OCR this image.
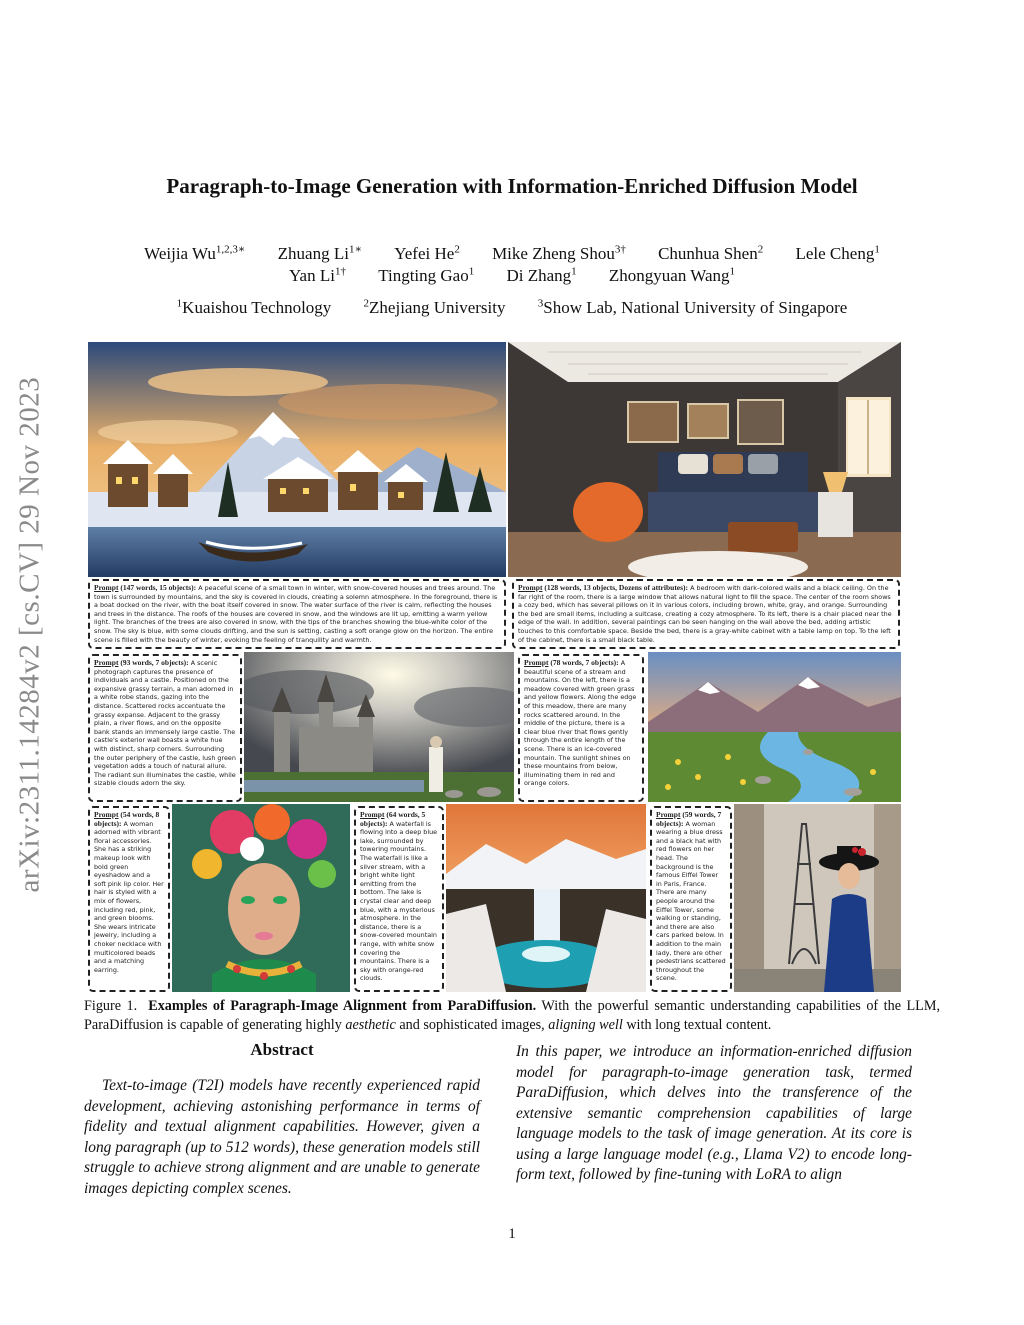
arXiv:2311.14284v2 [cs.CV] 29 Nov 2023
Paragraph-to-Image Generation with Information-Enriched Diffusion Model
Weijia $Wu^{1,2,3∗}$ Zhuang $Li^{1∗}$ Yefei He$^2$ Mike Zheng Shou$^{3\dagger}$ Chunhua Shen$^2$ Lele Cheng$^1$
Yan $Li^{1\dagger}$ Tingting Gao$^1$ Di Zhang$^1$ Zhongyuan Wang$^1$
$^1$Kuaishou Technology	$^2$Zhejiang University	$^3$Show Lab, National University of Singapore
Prompt (147 words, 15 objects): A peaceful scene of a small town in winter, with snow-covered houses and trees around. The town is surrounded by mountains, and the sky is covered in clouds, creating a solemn atmosphere. In the foreground, there is a boat docked on the river, with the boat itself covered in snow. The water surface of the river is calm, reflecting the houses and trees in the distance. The roofs of the houses are covered in snow, and the windows are lit up, emitting a warm yellow light. The branches of the trees are also covered in snow, with the tips of the branches showing the blue-white color of the snow. The sky is blue, with some clouds drifting, and the sun is setting, casting a soft orange glow on the horizon. The entire scene is filled with the beauty of winter, evoking the feeling of tranquility and warmth.
Prompt (128 words, 13 objects, Dozens of attributes): A bedroom with dark-colored walls and a black ceiling. On the far right of the room, there is a large window that allows natural light to fill the space. The center of the room shows a cozy bed, which has several pillows on it in various colors, including brown, white, gray, and orange. Surrounding the bed are small items, including a suitcase, creating a cozy atmosphere. To its left, there is a chair placed near the edge of the wall. In addition, several paintings can be seen hanging on the wall above the bed, adding artistic touches to this comfortable space. Beside the bed, there is a gray-white cabinet with a table lamp on top. To the left of the cabinet, there is a small black table.
Prompt (93 words, 7 objects): A scenic photograph captures the presence of individuals and a castle. Positioned on the expansive grassy terrain, a man adorned in a white robe stands, gazing into the distance. Scattered rocks accentuate the grassy expanse. Adjacent to the grassy plain, a river flows, and on the opposite bank stands an immensely large castle. The castle's exterior wall boasts a white hue with distinct, sharp corners. Surrounding the outer periphery of the castle, lush green vegetation adds a touch of natural allure. The radiant sun illuminates the castle, while sizable clouds adorn the sky.
Prompt (78 words, 7 objects): A beautiful scene of a stream and mountains. On the left, there is a meadow covered with green grass and yellow flowers. Along the edge of this meadow, there are many rocks scattered around. In the middle of the picture, there is a clear blue river that flows gently through the entire length of the scene. There is an ice-covered mountain. The sunlight shines on these mountains from below, illuminating them in red and orange colors.
Prompt (54 words, 8 objects): A woman adorned with vibrant floral accessories. She has a striking makeup look with bold green eyeshadow and a soft pink lip color. Her hair is styled with a mix of flowers, including red, pink, and green blooms. She wears intricate jewelry, including a choker necklace with multicolored beads and a matching earring.
Prompt (64 words, 5 objects): A waterfall is flowing into a deep blue lake, surrounded by towering mountains. The waterfall is like a silver stream, with a bright white light emitting from the bottom. The lake is crystal clear and deep blue, with a mysterious atmosphere. In the distance, there is a snow-covered mountain range, with white snow covering the mountains. There is a sky with orange-red clouds.
Prompt (59 words, 7 objects): A woman wearing a blue dress and a black hat with red flowers on her head. The background is the famous Eiffel Tower in Paris, France. There are many people around the Eiffel Tower, some walking or standing, and there are also cars parked below. In addition to the main lady, there are other pedestrians scattered throughout the scene.
Figure 1. Examples of Paragraph-Image Alignment from ParaDiffusion. With the powerful semantic understanding capabilities of the LLM, ParaDiffusion is capable of generating highly aesthetic and sophisticated images, aligning well with long textual content.
Abstract
Text-to-image (T2I) models have recently experienced rapid development, achieving astonishing performance in terms of fidelity and textual alignment capabilities. However, given a long paragraph (up to 512 words), these generation models still struggle to achieve strong alignment and are unable to generate images depicting complex scenes.
In this paper, we introduce an information-enriched diffusion model for paragraph-to-image generation task, termed ParaDiffusion, which delves into the transference of the extensive semantic comprehension capabilities of large language models to the task of image generation. At its core is using a large language model (e.g., Llama V2) to encode long-form text, followed by fine-tuning with LoRA to align
1
